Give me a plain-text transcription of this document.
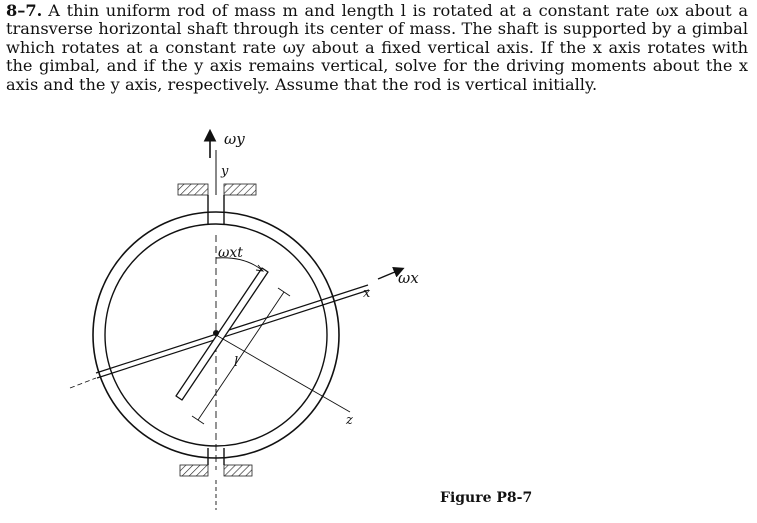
8–7. A thin uniform rod of mass m and length l is rotated at a constant rate ωx about a transverse horizontal shaft through its center of mass. The shaft is supported by a gimbal which rotates at a constant rate ωy about a fixed vertical axis. If the x axis rotates with the gimbal, and if the y axis remains vertical, solve for the driving moments about the x axis and the y axis, respectively. Assume that the rod is vertical initially.
ωy
y
x
ωx
ωxt
l
z
Figure P8-7
